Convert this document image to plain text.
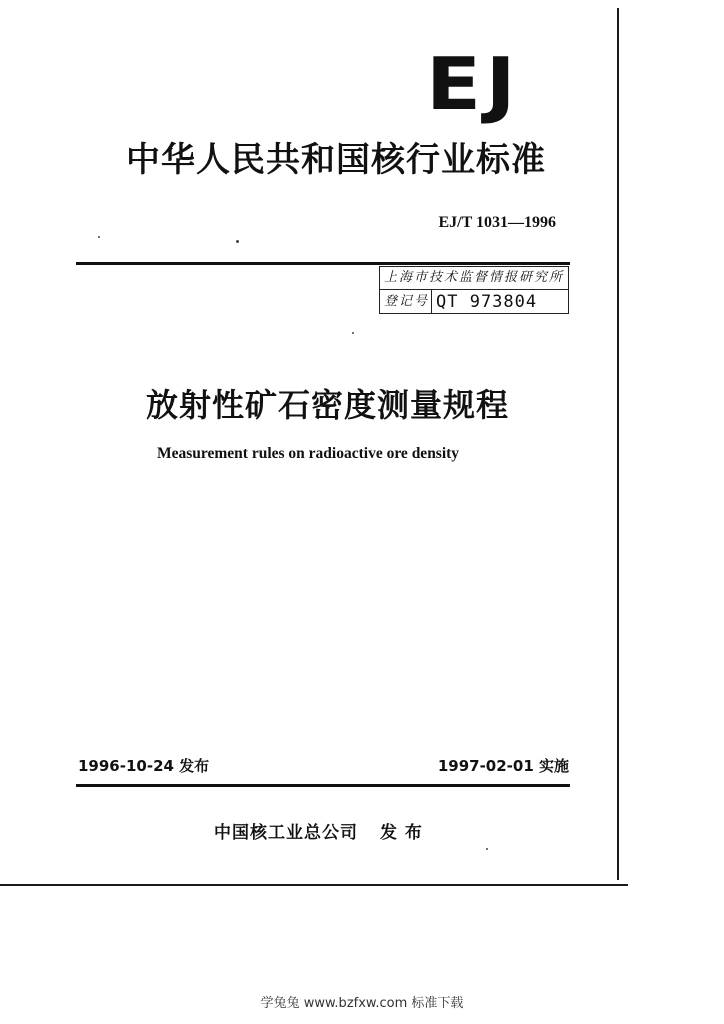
EJ
中华人民共和国核行业标准
EJ/T 1031—1996
上海市技术监督情报研究所
登记号 QT 973804
放射性矿石密度测量规程
Measurement rules on radioactive ore density
1996-10-24 发布	1997-02-01 实施
中国核工业总公司 发 布
学兔兔 www.bzfxw.com 标准下载
